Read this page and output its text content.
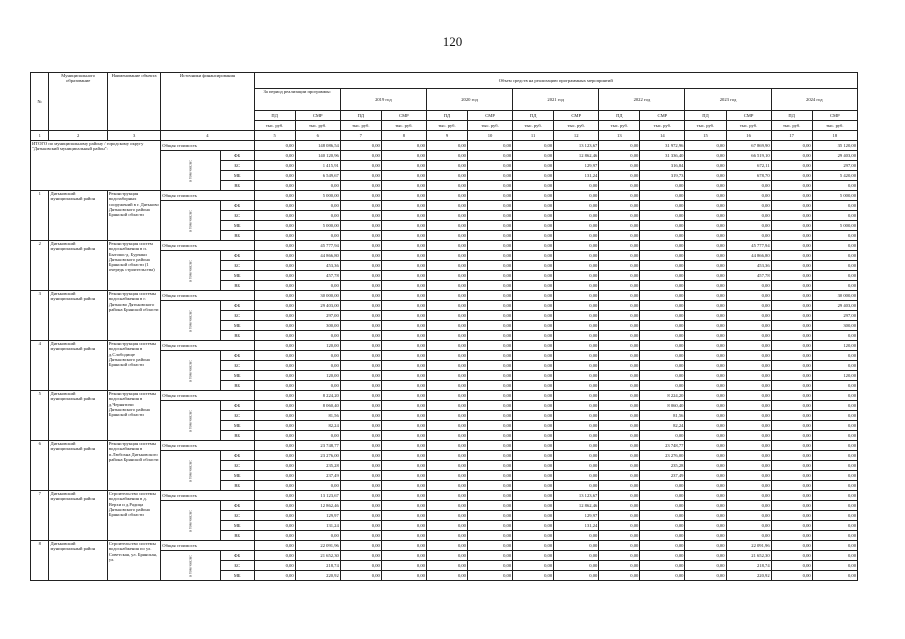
120
№	Муниципального образование	Наименование объекта	Источники финансирования		Объем средств на реализацию программных мероприятий													
					За период реализации программы:		2019 год		2020 год		2021 год		2022 год		2023 год		2024 год	
					ПД	СМР	ПД	СМР	ПД	СМР	ПД	СМР	ПД	СМР	ПД	СМР	ПД	СМР
					тыс. руб.	тыс. руб.	тыс. руб.	тыс. руб.	тыс. руб.	тыс. руб.	тыс. руб.	тыс. руб.	тыс. руб.	тыс. руб.	тыс. руб.	тыс. руб.	тыс. руб.	тыс. руб.
1	2	3	4		5	6	7	8	9	10	11	12	13	14	15	16	17	18
ИТОГО по муниципальному району / городскому округу "Дятьковский муниципальный район":			Общая стоимость		0,00	148 086,54	0,00	0,00	0,00	0,00	0,00	13 123,67	0,00	31 972,96	0,00	67 869,90	0,00	35 120,00
			в том числе:	ФБ	0,00	140 120,96	0,00	0,00	0,00	0,00	0,00	12 862,46	0,00	31 336,40	0,00	66 519,10	0,00	29 403,00
				БС	0,00	1 415,91	0,00	0,00	0,00	0,00	0,00	129,97	0,00	316,84	0,00	672,11	0,00	297,00
				МБ	0,00	6 549,67	0,00	0,00	0,00	0,00	0,00	131,24	0,00	319,73	0,00	678,70	0,00	5 420,00
				ВБ	0,00	0,00	0,00	0,00	0,00	0,00	0,00	0,00	0,00	0,00	0,00	0,00	0,00	0,00
1	Дятьковский муниципальный район	Реконструкция водозаборных сооружений в г. Дятьково Дятьковского района Брянской области	Общая стоимость		0,00	5 000,00	0,00	0,00	0,00	0,00	0,00	0,00	0,00	0,00	0,00	0,00	0,00	5 000,00
			в том числе:	ФБ	0,00	0,00	0,00	0,00	0,00	0,00	0,00	0,00	0,00	0,00	0,00	0,00	0,00	0,00
				БС	0,00	0,00	0,00	0,00	0,00	0,00	0,00	0,00	0,00	0,00	0,00	0,00	0,00	0,00
				МБ	0,00	5 000,00	0,00	0,00	0,00	0,00	0,00	0,00	0,00	0,00	0,00	0,00	0,00	5 000,00
				ВБ	0,00	0,00	0,00	0,00	0,00	0,00	0,00	0,00	0,00	0,00	0,00	0,00	0,00	0,00
2	Дятьковский муниципальный район	Реконструкция систем водоснабжения в п. Бытошь-д. Бурчаки Дятьковского района Брянской области (1 очередь строительства)	Общая стоимость		0,00	45 777,94	0,00	0,00	0,00	0,00	0,00	0,00	0,00	0,00	0,00	45 777,94	0,00	0,00
			в том числе:	ФБ	0,00	44 866,80	0,00	0,00	0,00	0,00	0,00	0,00	0,00	0,00	0,00	44 866,80	0,00	0,00
				БС	0,00	453,36	0,00	0,00	0,00	0,00	0,00	0,00	0,00	0,00	0,00	453,36	0,00	0,00
				МБ	0,00	457,78	0,00	0,00	0,00	0,00	0,00	0,00	0,00	0,00	0,00	457,78	0,00	0,00
				ВБ	0,00	0,00	0,00	0,00	0,00	0,00	0,00	0,00	0,00	0,00	0,00	0,00	0,00	0,00
3	Дятьковский муниципальный район	Реконструкция системы водоснабжения в г. Дятьково Дятьковского района Брянской области	Общая стоимость		0,00	30 000,00	0,00	0,00	0,00	0,00	0,00	0,00	0,00	0,00	0,00	0,00	0,00	30 000,00
			в том числе:	ФБ	0,00	29 403,00	0,00	0,00	0,00	0,00	0,00	0,00	0,00	0,00	0,00	0,00	0,00	29 403,00
				БС	0,00	297,00	0,00	0,00	0,00	0,00	0,00	0,00	0,00	0,00	0,00	0,00	0,00	297,00
				МБ	0,00	300,00	0,00	0,00	0,00	0,00	0,00	0,00	0,00	0,00	0,00	0,00	0,00	300,00
				ВБ	0,00	0,00	0,00	0,00	0,00	0,00	0,00	0,00	0,00	0,00	0,00	0,00	0,00	0,00
4	Дятьковский муниципальный район	Реконструкция системы водоснабжения в д.Слободище Дятьковского района Брянской области	Общая стоимость		0,00	120,00	0,00	0,00	0,00	0,00	0,00	0,00	0,00	0,00	0,00	0,00	0,00	120,00
			в том числе:	ФБ	0,00	0,00	0,00	0,00	0,00	0,00	0,00	0,00	0,00	0,00	0,00	0,00	0,00	0,00
				БС	0,00	0,00	0,00	0,00	0,00	0,00	0,00	0,00	0,00	0,00	0,00	0,00	0,00	0,00
				МБ	0,00	120,00	0,00	0,00	0,00	0,00	0,00	0,00	0,00	0,00	0,00	0,00	0,00	120,00
				ВБ	0,00	0,00	0,00	0,00	0,00	0,00	0,00	0,00	0,00	0,00	0,00	0,00	0,00	0,00
5	Дятьковский муниципальный район	Реконструкция системы водоснабжения в д.Чернятичи Дятьковского района Брянской области	Общая стоимость		0,00	8 224,20	0,00	0,00	0,00	0,00	0,00	0,00	0,00	8 224,20	0,00	0,00	0,00	0,00
			в том числе:	ФБ	0,00	8 060,40	0,00	0,00	0,00	0,00	0,00	0,00	0,00	8 060,40	0,00	0,00	0,00	0,00
				БС	0,00	81,56	0,00	0,00	0,00	0,00	0,00	0,00	0,00	81,56	0,00	0,00	0,00	0,00
				МБ	0,00	82,24	0,00	0,00	0,00	0,00	0,00	0,00	0,00	82,24	0,00	0,00	0,00	0,00
				ВБ	0,00	0,00	0,00	0,00	0,00	0,00	0,00	0,00	0,00	0,00	0,00	0,00	0,00	0,00
6	Дятьковский муниципальный район	Реконструкция системы водоснабжения в п.Любохна Дятьковского района Брянской области	Общая стоимость		0,00	23 748,77	0,00	0,00	0,00	0,00	0,00	0,00	0,00	23 748,77	0,00	0,00	0,00	0,00
			в том числе:	ФБ	0,00	23 276,00	0,00	0,00	0,00	0,00	0,00	0,00	0,00	23 276,00	0,00	0,00	0,00	0,00
				БС	0,00	235,28	0,00	0,00	0,00	0,00	0,00	0,00	0,00	235,28	0,00	0,00	0,00	0,00
				МБ	0,00	237,49	0,00	0,00	0,00	0,00	0,00	0,00	0,00	237,49	0,00	0,00	0,00	0,00
				ВБ	0,00	0,00	0,00	0,00	0,00	0,00	0,00	0,00	0,00	0,00	0,00	0,00	0,00	0,00
7	Дятьковский муниципальный район	Строительство системы водоснабжения в д. Верхи и д.Радица Дятьковского района Брянской области	Общая стоимость		0,00	13 123,67	0,00	0,00	0,00	0,00	0,00	13 123,67	0,00	0,00	0,00	0,00	0,00	0,00
			в том числе:	ФБ	0,00	12 862,46	0,00	0,00	0,00	0,00	0,00	12 862,46	0,00	0,00	0,00	0,00	0,00	0,00
				БС	0,00	129,97	0,00	0,00	0,00	0,00	0,00	129,97	0,00	0,00	0,00	0,00	0,00	0,00
				МБ	0,00	131,24	0,00	0,00	0,00	0,00	0,00	131,24	0,00	0,00	0,00	0,00	0,00	0,00
				ВБ	0,00	0,00	0,00	0,00	0,00	0,00	0,00	0,00	0,00	0,00	0,00	0,00	0,00	0,00
8	Дятьковский муниципальный район	Строительство системы водоснабжения по ул. Советская, ул. Брянская, ул.	Общая стоимость		0,00	22 091,96	0,00	0,00	0,00	0,00	0,00	0,00	0,00	0,00	0,00	22 091,96	0,00	0,00
			в том числе:	ФБ	0,00	21 652,30	0,00	0,00	0,00	0,00	0,00	0,00	0,00	0,00	0,00	21 652,30	0,00	0,00
				БС	0,00	218,74	0,00	0,00	0,00	0,00	0,00	0,00	0,00	0,00	0,00	218,74	0,00	0,00
				МБ	0,00	220,92	0,00	0,00	0,00	0,00	0,00	0,00	0,00	0,00	0,00	220,92	0,00	0,00
